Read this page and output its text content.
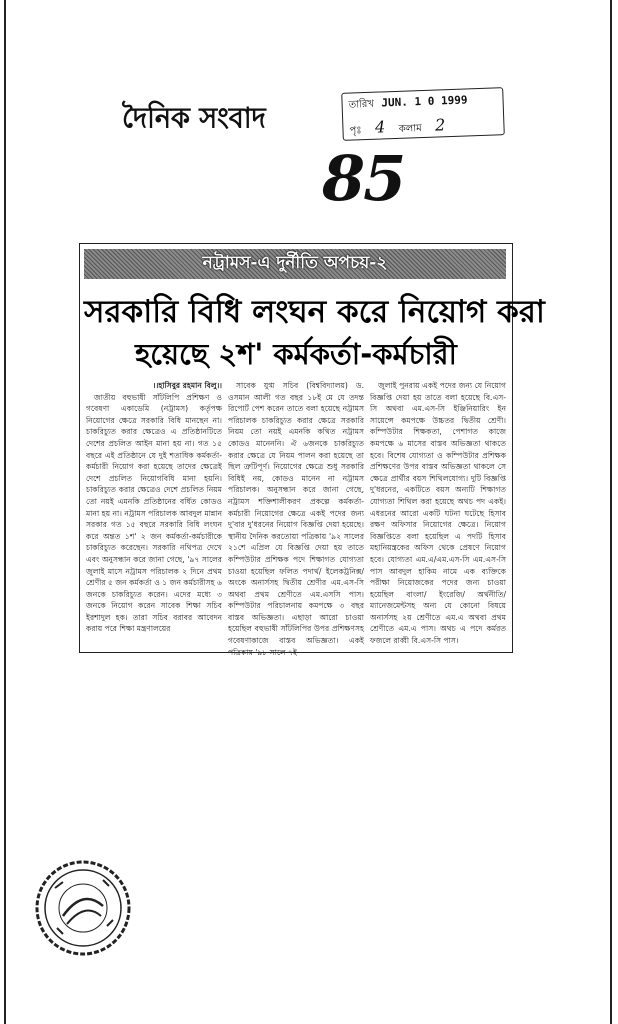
দৈনিক সংবাদ	তারিখ JUN. 1 0 1999
পৃঃ 4 কলাম 2
85
নট্রামস-এ দুর্নীতি অপচয়-২
সরকারি বিধি লংঘন করে নিয়োগ করা
হয়েছে ২শ' কর্মকর্তা-কর্মচারী

।।হাসিবুর রহমান বিলু।।

জাতীয় বহুভাষী সাঁটলিপি প্রশিক্ষণ ও গবেষণা একাডেমি (নট্রামস) কর্তৃপক্ষ নিয়োগের ক্ষেত্রে সরকারি বিধি মানছেন না। চাকরিচ্যুত করার ক্ষেত্রেও এ প্রতিষ্ঠানটিতে দেশের প্রচলিত আইন মানা হয় না। গত ১৫ বছরে এই প্রতিষ্ঠানে যে দুই শতাধিক কর্মকর্তা-কর্মচারী নিয়োগ করা হয়েছে তাদের ক্ষেত্রেই দেশে প্রচলিত নিয়োগবিধি মানা হয়নি। চাকরিচ্যুত করার ক্ষেত্রেও দেশে প্রচলিত নিয়ম তো নয়ই এমনকি প্রতিষ্ঠানের বর্ধিত কোডও মানা হয় না। নট্রামস পরিচালক আবদুল মান্নান সরকার গত ১৫ বছরে সরকারি বিধি লংঘন করে অন্তত ১শ' ২ জন কর্মকর্তা-কর্মচারীকে চাকরিচ্যুত করেছেন। সরকারি নথিপত্র দেখে এবং অনুসন্ধান করে জানা গেছে, '৯৭ সালের জুলাই মাসে নট্রামস পরিচালক ২ দিনে প্রথম শ্রেণীর ৫ জন কর্মকর্তা ও ১ জন কর্মচারীসহ ৬ জনকে চাকরিচ্যুত করেন। এদের মধ্যে ৩ জনকে নিয়োগ করেন সাবেক শিক্ষা সচিব ইরশাদুল হক। তারা সচিব বরাবর আবেদন করায় পরে শিক্ষা মন্ত্রণালয়ের

সাবেক যুগ্ম সচিব (বিশ্ববিদ্যালয়) ড. ওসমান আলী গত বছর ১৮ই মে যে তদন্ত রিপোর্ট পেশ করেন তাতে বলা হয়েছে নট্রামস পরিচালক চাকরিচ্যুত করার ক্ষেত্রে সরকারি নিয়ম তো নয়ই এমনকি কথিত নট্রামস কোডও মানেননি। ঐ ৬জনকে চাকরিচ্যুত করার ক্ষেত্রে যে নিয়ম পালন করা হয়েছে তা ছিল ত্রুটিপূর্ণ। নিয়োগের ক্ষেত্রে শুধু সরকারি বিধিই নয়, কোডও মানেন না নট্রামস পরিচালক। অনুসন্ধান করে জানা গেছে, নট্রামস শক্তিশালীকরণ প্রকল্পে কর্মকর্তা-কর্মচারী নিয়োগের ক্ষেত্রে একই পদের জন্য দু'বার দু'ধরনের নিয়োগ বিজ্ঞপ্তি দেয়া হয়েছে। স্থানীয় দৈনিক করতোয়া পত্রিকায় '৯২ সালের ২১শে এপ্রিল যে বিজ্ঞপ্তি দেয়া হয় তাতে কম্পিউটার প্রশিক্ষক পদে শিক্ষাগত যোগ্যতা চাওয়া হয়েছিল ফলিত পদার্থ/ ইলেকট্রনিক্স/ অংকে অনার্সসহ দ্বিতীয় শ্রেণীর এম.এস-সি অথবা প্রথম শ্রেণীতে এম.এসসি পাস। কম্পিউটার পরিচালনায় কমপক্ষে ৩ বছর বাস্তব অভিজ্ঞতা। এছাড়া আরো চাওয়া হয়েছিল বহুভাষী সাঁটলিপির উপর প্রশিক্ষণসহ গবেষণাকাজে বাস্তব অভিজ্ঞতা। একই পত্রিকায় '৯৮ সালে ৭ই

জুলাই পুনরায় একই পদের জন্য যে নিয়োগ বিজ্ঞপ্তি দেয়া হয় তাতে বলা হয়েছে বি.এস-সি অথবা এম.এস-সি ইঞ্জিনিয়ারিং ইন সায়েন্সে কমপক্ষে উচ্চতর দ্বিতীয় শ্রেণী। কম্পিউটার শিক্ষকতা, পেশাগত কাজে কমপক্ষে ৬ মাসের বাস্তব অভিজ্ঞতা থাকতে হবে। বিশেষ যোগ্যতা ও কম্পিউটার প্রশিক্ষক প্রশিক্ষণের উপর বাস্তব অভিজ্ঞতা থাকলে সে ক্ষেত্রে প্রার্থীর বয়স শিথিলযোগ্য। দুটি বিজ্ঞপ্তি দু'ধরনের, একটিতে বয়স অন্যটি শিক্ষাগত যোগ্যতা শিথিল করা হয়েছে অথচ পদ একই। এধরনের আরো একটি ঘটনা ঘটেছে হিসাব রক্ষণ অফিসার নিয়োগের ক্ষেত্রে। নিয়োগ বিজ্ঞপ্তিতে বলা হয়েছিল এ পদটি হিসাব মহানিয়ন্ত্রকের অফিস থেকে প্রেষণে নিয়োগ হবে। যোগ্যতা এম.এ/এম.এস-সি এম.এস-সি পাস আবদুল হাকিম নামে এক ব্যক্তিকে পরীক্ষা নিয়োজকের পদের জন্য চাওয়া হয়েছিল বাংলা/ ইংরেজি/ অর্থনীতি/ ম্যানেজমেন্টসহ অন্য যে কোনো বিষয়ে অনার্সসহ ২য় শ্রেণীতে এম.এ অথবা প্রথম শ্রেণীতে এম.এ পাস। অথচ এ পদে কর্মরত ফজলে রাব্বী বি.এস-সি পাস।
